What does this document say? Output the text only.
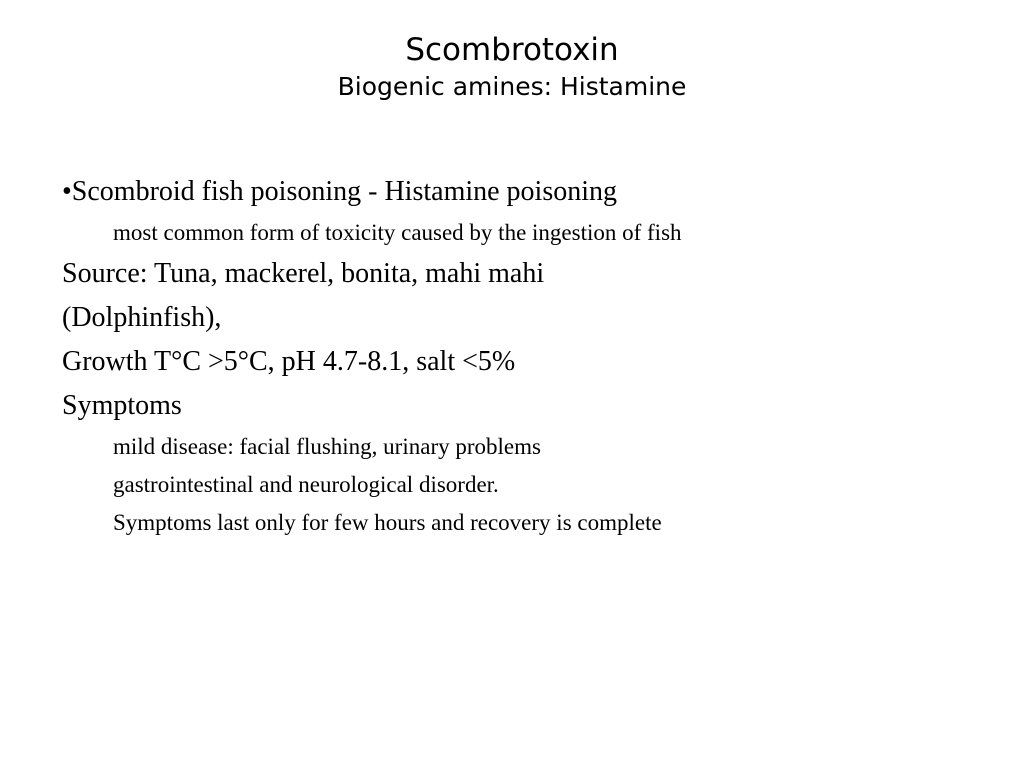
Scombrotoxin
Biogenic amines: Histamine
•Scombroid fish poisoning - Histamine poisoning
most common form of toxicity caused by the ingestion of fish
Source: Tuna, mackerel, bonita, mahi mahi
(Dolphinfish),
Growth T°C >5°C, pH 4.7-8.1, salt <5%
Symptoms
mild disease: facial flushing, urinary problems
gastrointestinal and neurological disorder.
Symptoms last only for few hours and recovery is complete
